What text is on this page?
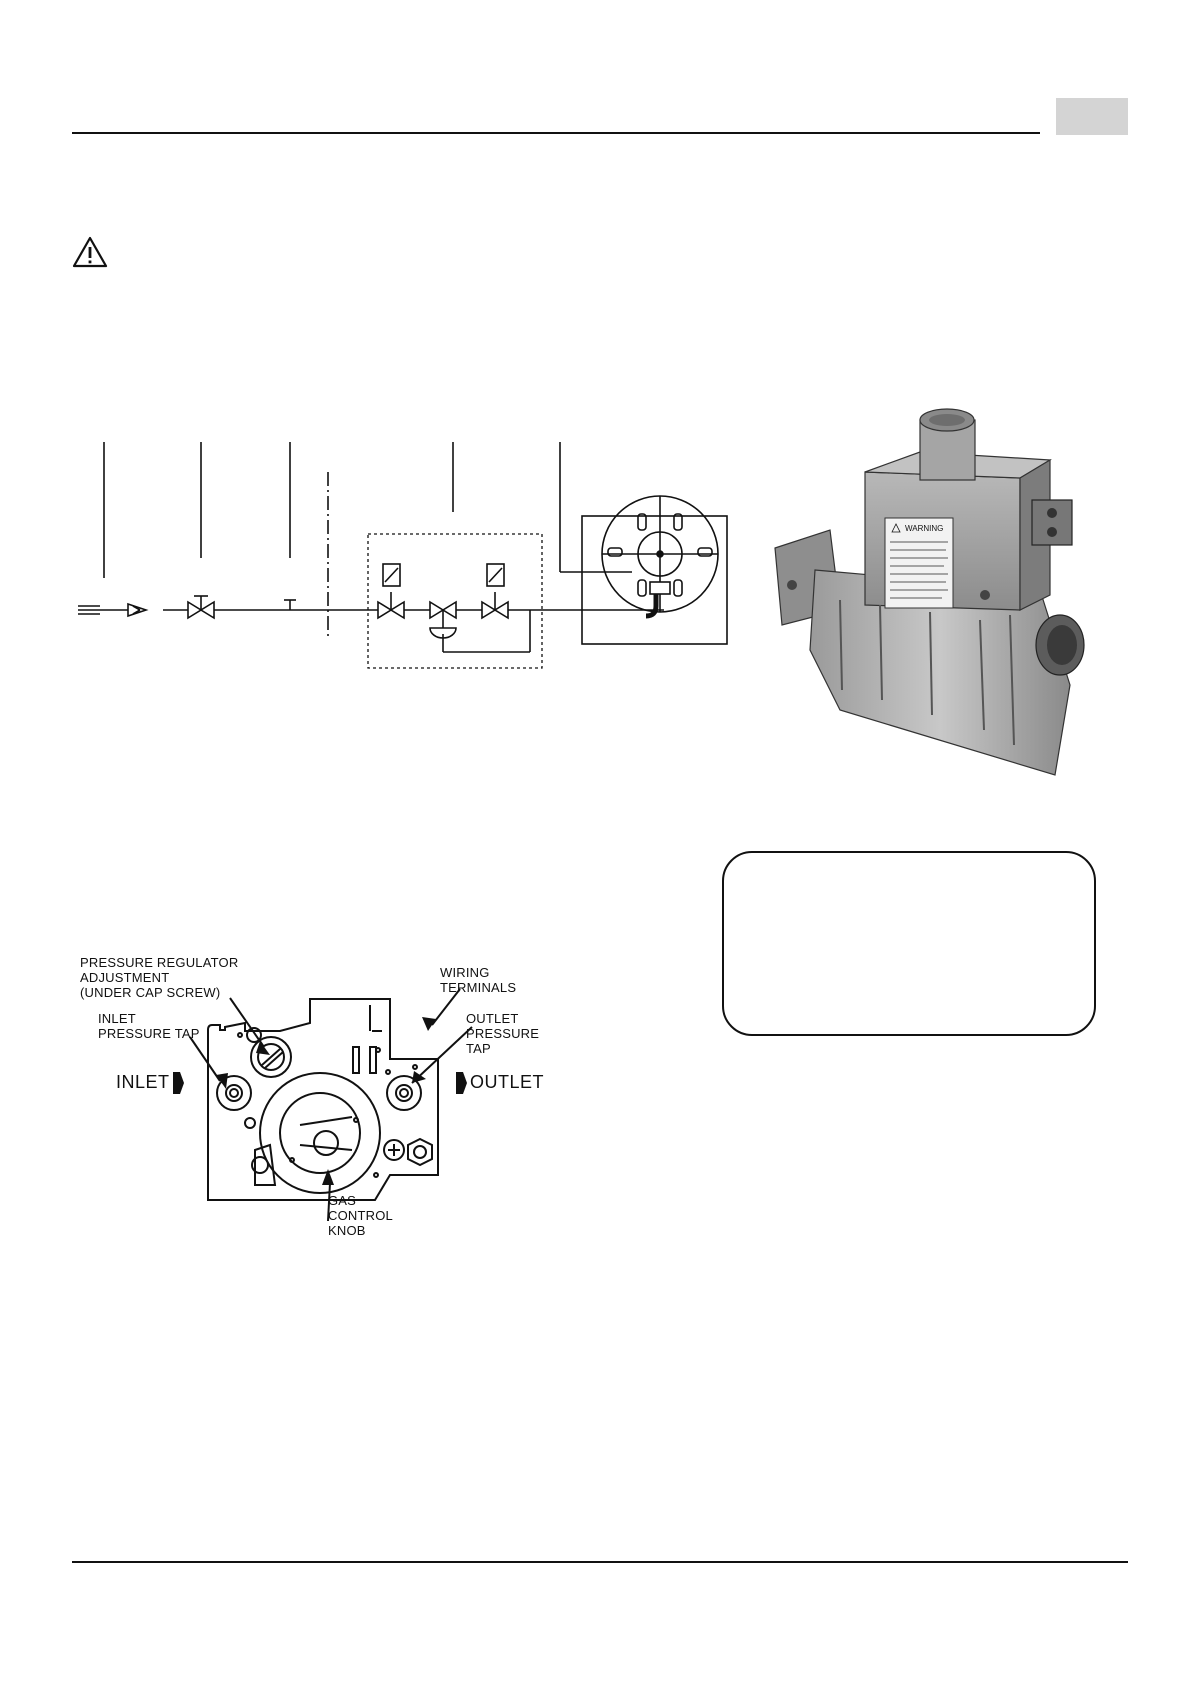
WARNING
PRESSURE REGULATOR
ADJUSTMENT
(UNDER CAP SCREW)
INLET
PRESSURE TAP
WIRING
TERMINALS
OUTLET
PRESSURE
TAP
INLET	OUTLET
GAS
CONTROL
KNOB
